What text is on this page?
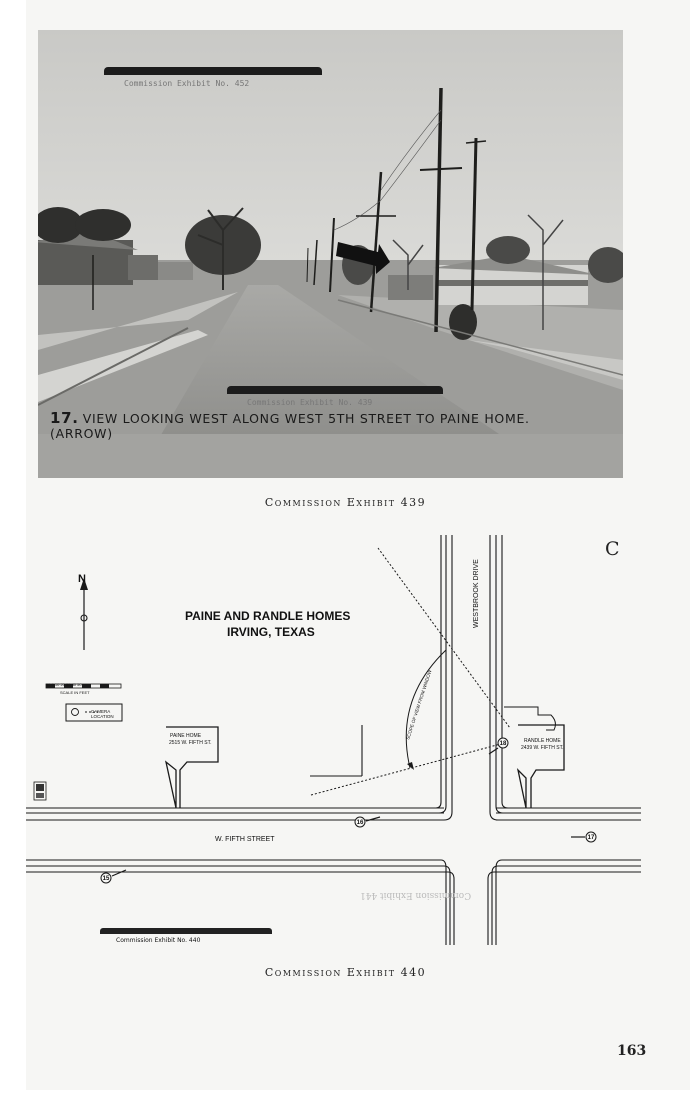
Commission Exhibit No. 452
Commission Exhibit No. 439
17. VIEW LOOKING WEST ALONG WEST 5TH STREET TO PAINE HOME. (ARROW)
Commission Exhibit 439
15
16
17
18
WESTBROOK DRIVE
SCOPE OF VIEW FROM WINDOW
C
N
PAINE AND RANDLE HOMES
IRVING, TEXAS
10 0 10 20 30 40 50
SCALE IN FEET
CAMERA LOCATION
PAINE HOME
2515 W. FIFTH ST.	RANDLE HOME
2439 W. FIFTH ST.
W. FIFTH STREET
Commission Exhibit 441
Commission Exhibit No. 440
Commission Exhibit 440
163
